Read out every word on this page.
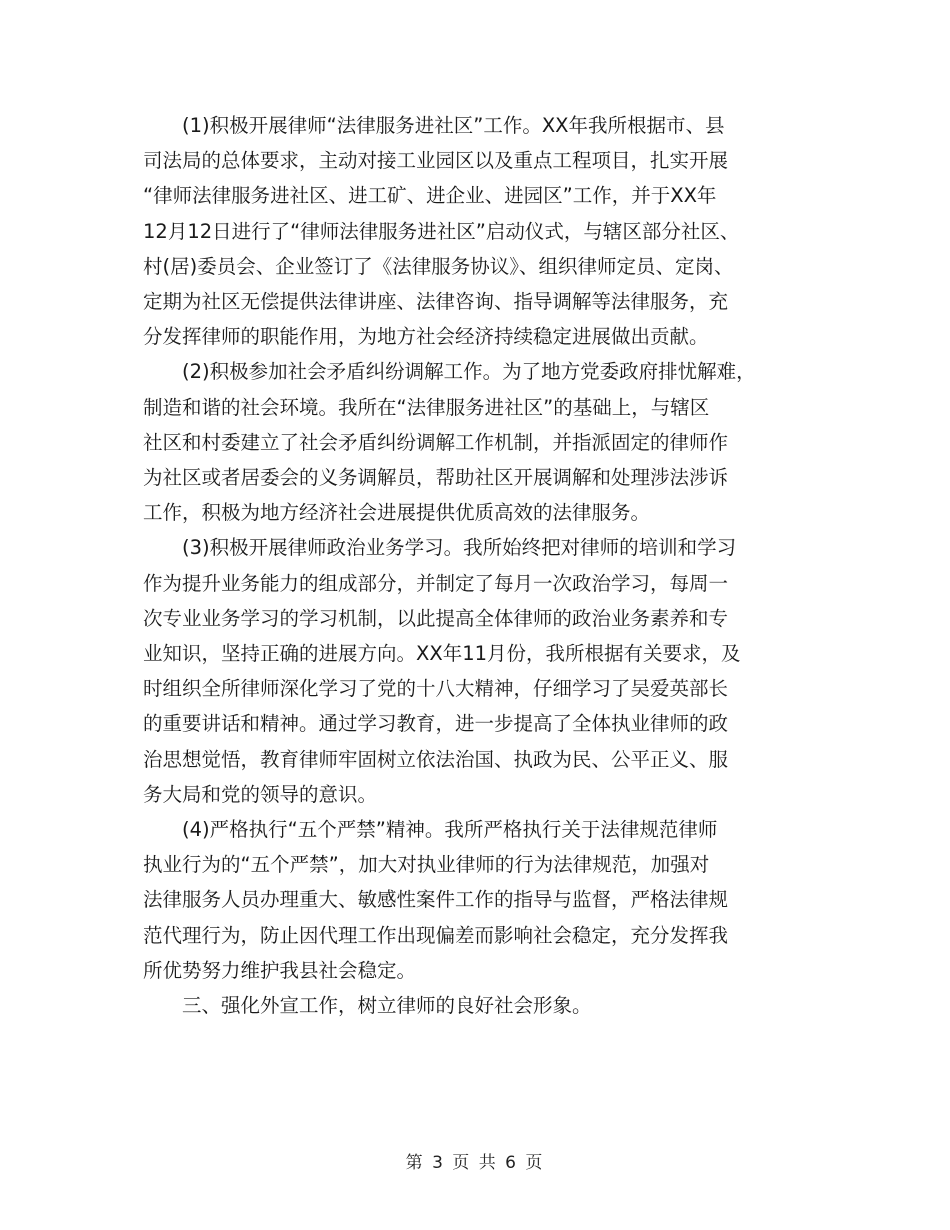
(1)积极开展律师“法律服务进社区”工作。XX年我所根据市、县
司法局的总体要求，主动对接工业园区以及重点工程项目，扎实开展
“律师法律服务进社区、进工矿、进企业、进园区”工作，并于XX年
12月12日进行了“律师法律服务进社区”启动仪式，与辖区部分社区、
村(居)委员会、企业签订了《法律服务协议》、组织律师定员、定岗、
定期为社区无偿提供法律讲座、法律咨询、指导调解等法律服务，充
分发挥律师的职能作用，为地方社会经济持续稳定进展做出贡献。
(2)积极参加社会矛盾纠纷调解工作。为了地方党委政府排忧解难，
制造和谐的社会环境。我所在“法律服务进社区”的基础上，与辖区
社区和村委建立了社会矛盾纠纷调解工作机制，并指派固定的律师作
为社区或者居委会的义务调解员，帮助社区开展调解和处理涉法涉诉
工作，积极为地方经济社会进展提供优质高效的法律服务。
(3)积极开展律师政治业务学习。我所始终把对律师的培训和学习
作为提升业务能力的组成部分，并制定了每月一次政治学习，每周一
次专业业务学习的学习机制，以此提高全体律师的政治业务素养和专
业知识，坚持正确的进展方向。XX年11月份，我所根据有关要求，及
时组织全所律师深化学习了党的十八大精神，仔细学习了吴爱英部长
的重要讲话和精神。通过学习教育，进一步提高了全体执业律师的政
治思想觉悟，教育律师牢固树立依法治国、执政为民、公平正义、服
务大局和党的领导的意识。
(4)严格执行“五个严禁”精神。我所严格执行关于法律规范律师
执业行为的“五个严禁”，加大对执业律师的行为法律规范，加强对
法律服务人员办理重大、敏感性案件工作的指导与监督，严格法律规
范代理行为，防止因代理工作出现偏差而影响社会稳定，充分发挥我
所优势努力维护我县社会稳定。
三、强化外宣工作，树立律师的良好社会形象。
第 3 页 共 6 页
